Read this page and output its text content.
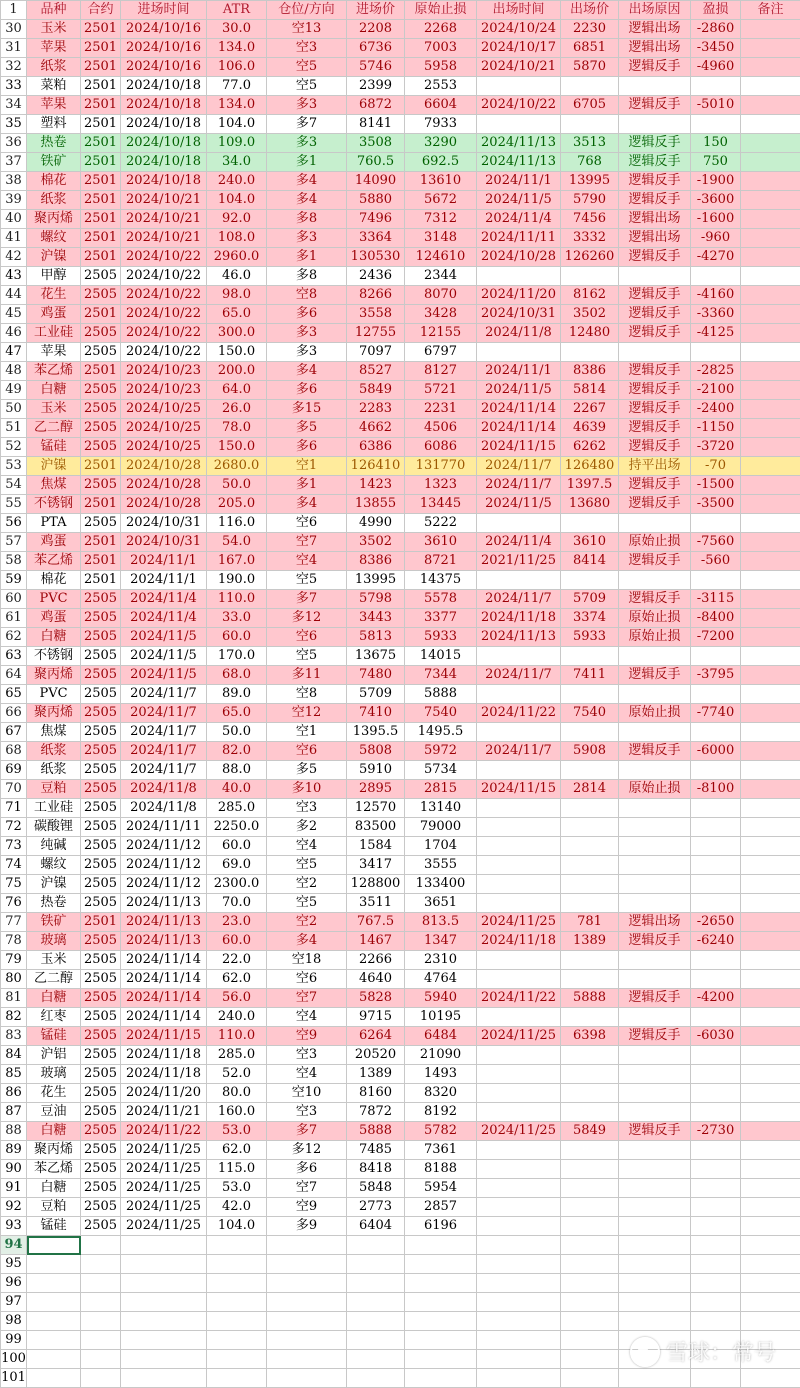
1	品种	合约	进场时间	ATR	仓位/方向	进场价	原始止损	出场时间	出场价	出场原因	盈损	备注
30	玉米	2501	2024/10/16	30.0	空13	2208	2268	2024/10/24	2230	逻辑出场	-2860	
31	苹果	2501	2024/10/16	134.0	空3	6736	7003	2024/10/17	6851	逻辑出场	-3450	
32	纸浆	2501	2024/10/16	106.0	空5	5746	5958	2024/10/21	5870	逻辑反手	-4960	
33	菜粕	2501	2024/10/18	77.0	空5	2399	2553					
34	苹果	2501	2024/10/18	134.0	多3	6872	6604	2024/10/22	6705	逻辑反手	-5010	
35	塑料	2501	2024/10/18	104.0	多7	8141	7933					
36	热卷	2501	2024/10/18	109.0	多3	3508	3290	2024/11/13	3513	逻辑反手	150	
37	铁矿	2501	2024/10/18	34.0	多1	760.5	692.5	2024/11/13	768	逻辑反手	750	
38	棉花	2501	2024/10/18	240.0	多4	14090	13610	2024/11/1	13995	逻辑反手	-1900	
39	纸浆	2501	2024/10/21	104.0	多4	5880	5672	2024/11/5	5790	逻辑反手	-3600	
40	聚丙烯	2501	2024/10/21	92.0	多8	7496	7312	2024/11/4	7456	逻辑出场	-1600	
41	螺纹	2501	2024/10/21	108.0	多3	3364	3148	2024/11/11	3332	逻辑出场	-960	
42	沪镍	2501	2024/10/22	2960.0	多1	130530	124610	2024/10/28	126260	逻辑反手	-4270	
43	甲醇	2505	2024/10/22	46.0	多8	2436	2344					
44	花生	2505	2024/10/22	98.0	空8	8266	8070	2024/11/20	8162	逻辑反手	-4160	
45	鸡蛋	2501	2024/10/22	65.0	多6	3558	3428	2024/10/31	3502	逻辑反手	-3360	
46	工业硅	2505	2024/10/22	300.0	多3	12755	12155	2024/11/8	12480	逻辑反手	-4125	
47	苹果	2505	2024/10/22	150.0	多3	7097	6797					
48	苯乙烯	2501	2024/10/23	200.0	多4	8527	8127	2024/11/1	8386	逻辑反手	-2825	
49	白糖	2505	2024/10/23	64.0	多6	5849	5721	2024/11/5	5814	逻辑反手	-2100	
50	玉米	2505	2024/10/25	26.0	多15	2283	2231	2024/11/14	2267	逻辑反手	-2400	
51	乙二醇	2505	2024/10/25	78.0	多5	4662	4506	2024/11/14	4639	逻辑反手	-1150	
52	锰硅	2505	2024/10/25	150.0	多6	6386	6086	2024/11/15	6262	逻辑反手	-3720	
53	沪镍	2501	2024/10/28	2680.0	空1	126410	131770	2024/11/7	126480	持平出场	-70	
54	焦煤	2505	2024/10/28	50.0	多1	1423	1323	2024/11/7	1397.5	逻辑反手	-1500	
55	不锈钢	2501	2024/10/28	205.0	多4	13855	13445	2024/11/5	13680	逻辑反手	-3500	
56	PTA	2505	2024/10/31	116.0	空6	4990	5222					
57	鸡蛋	2501	2024/10/31	54.0	空7	3502	3610	2024/11/4	3610	原始止损	-7560	
58	苯乙烯	2501	2024/11/1	167.0	空4	8386	8721	2021/11/25	8414	逻辑反手	-560	
59	棉花	2501	2024/11/1	190.0	空5	13995	14375					
60	PVC	2505	2024/11/4	110.0	多7	5798	5578	2024/11/7	5709	逻辑反手	-3115	
61	鸡蛋	2505	2024/11/4	33.0	多12	3443	3377	2024/11/18	3374	原始止损	-8400	
62	白糖	2505	2024/11/5	60.0	空6	5813	5933	2024/11/13	5933	原始止损	-7200	
63	不锈钢	2505	2024/11/5	170.0	空5	13675	14015					
64	聚丙烯	2505	2024/11/5	68.0	多11	7480	7344	2024/11/7	7411	逻辑反手	-3795	
65	PVC	2505	2024/11/7	89.0	空8	5709	5888					
66	聚丙烯	2505	2024/11/7	65.0	空12	7410	7540	2024/11/22	7540	原始止损	-7740	
67	焦煤	2505	2024/11/7	50.0	空1	1395.5	1495.5					
68	纸浆	2505	2024/11/7	82.0	空6	5808	5972	2024/11/7	5908	逻辑反手	-6000	
69	纸浆	2505	2024/11/7	88.0	多5	5910	5734					
70	豆粕	2505	2024/11/8	40.0	多10	2895	2815	2024/11/15	2814	原始止损	-8100	
71	工业硅	2505	2024/11/8	285.0	空3	12570	13140					
72	碳酸锂	2505	2024/11/11	2250.0	多2	83500	79000					
73	纯碱	2505	2024/11/12	60.0	空4	1584	1704					
74	螺纹	2505	2024/11/12	69.0	空5	3417	3555					
75	沪镍	2505	2024/11/12	2300.0	空2	128800	133400					
76	热卷	2505	2024/11/13	70.0	空5	3511	3651					
77	铁矿	2501	2024/11/13	23.0	空2	767.5	813.5	2024/11/25	781	逻辑出场	-2650	
78	玻璃	2505	2024/11/13	60.0	多4	1467	1347	2024/11/18	1389	逻辑反手	-6240	
79	玉米	2505	2024/11/14	22.0	空18	2266	2310					
80	乙二醇	2505	2024/11/14	62.0	空6	4640	4764					
81	白糖	2505	2024/11/14	56.0	空7	5828	5940	2024/11/22	5888	逻辑反手	-4200	
82	红枣	2505	2024/11/14	240.0	空4	9715	10195					
83	锰硅	2505	2024/11/15	110.0	空9	6264	6484	2024/11/25	6398	逻辑反手	-6030	
84	沪铝	2505	2024/11/18	285.0	空3	20520	21090					
85	玻璃	2505	2024/11/18	52.0	空4	1389	1493					
86	花生	2505	2024/11/20	80.0	空10	8160	8320					
87	豆油	2505	2024/11/21	160.0	空3	7872	8192					
88	白糖	2505	2024/11/22	53.0	多7	5888	5782	2024/11/25	5849	逻辑反手	-2730	
89	聚丙烯	2505	2024/11/25	62.0	多12	7485	7361					
90	苯乙烯	2505	2024/11/25	115.0	多6	8418	8188					
91	白糖	2505	2024/11/25	53.0	空7	5848	5954					
92	豆粕	2505	2024/11/25	42.0	空9	2773	2857					
93	锰硅	2505	2024/11/25	104.0	多9	6404	6196					
94												
95												
96												
97												
98												
99												
100												
101												
雪球：常号
